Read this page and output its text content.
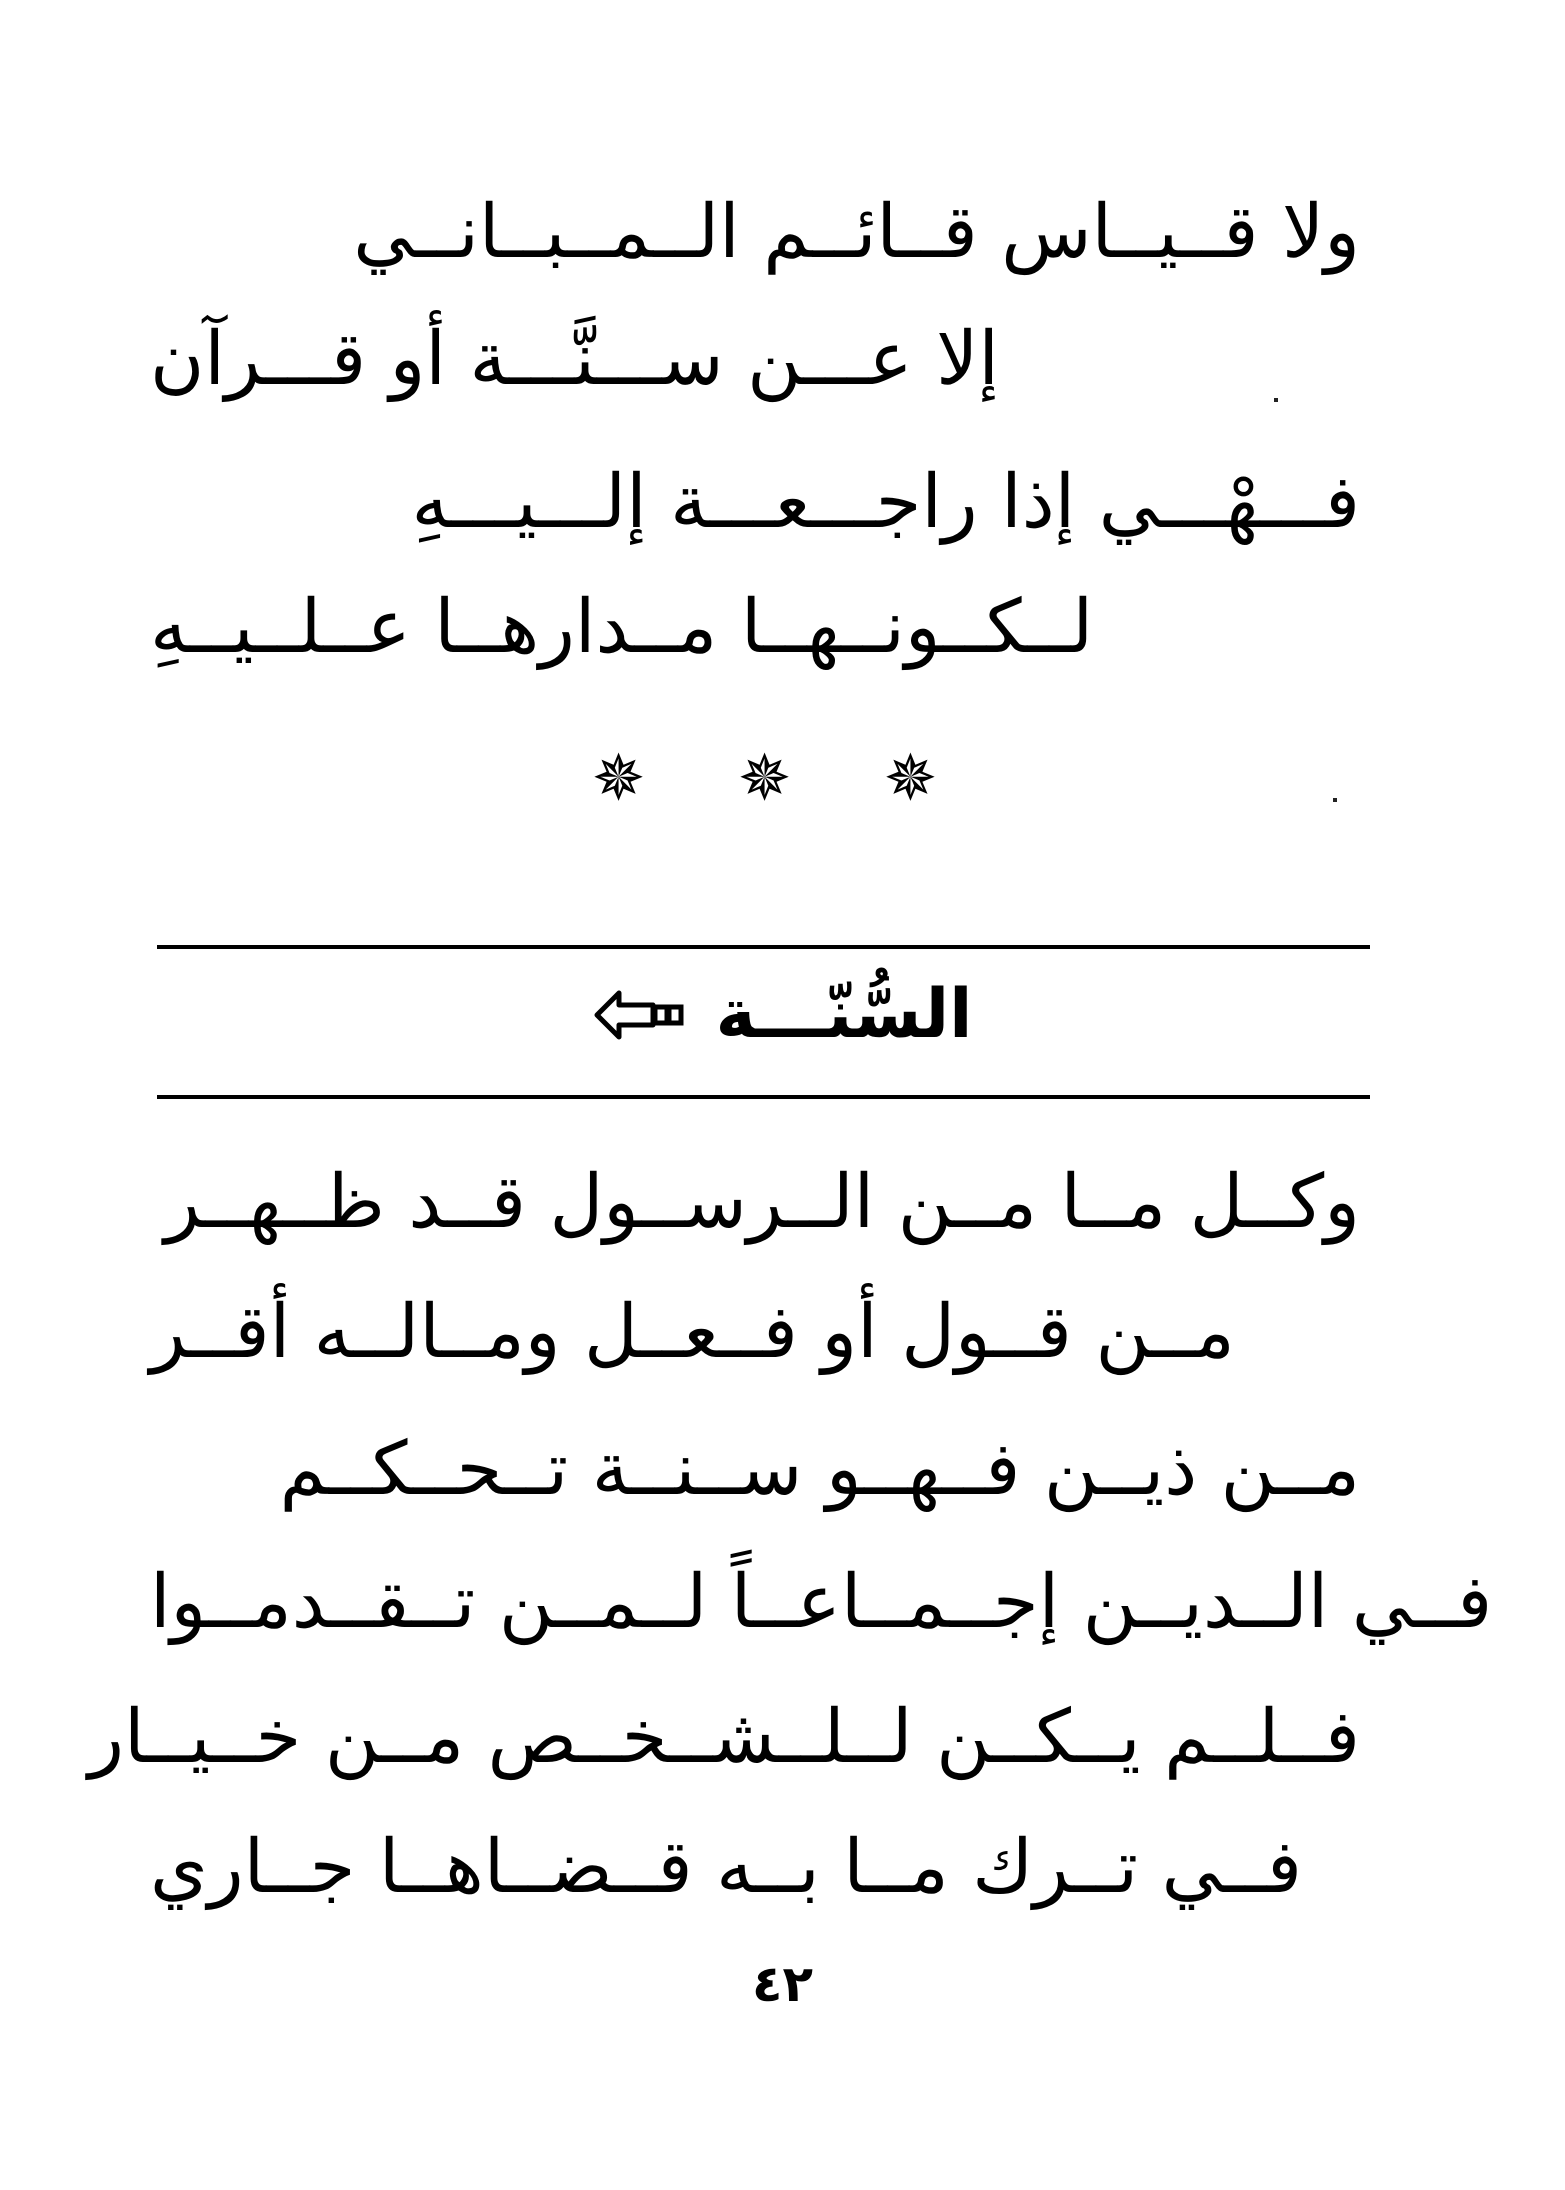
ولا قــيــاس قــائــم الــمــبــانــي
إلا عـــن ســـنَّـــة أو قـــرآن
فـــهْـــي إذا راجـــعـــة إلـــيـــهِ
لــكــونــهــا مــدارهــا عــلــيــهِ
✵ ✵ ✵
السُّنّـــة
وكــل مــا مــن الــرســول قــد ظــهــر
مــن قــول أو فــعــل ومــالــه أقــر
مــن ذيــن فــهــو ســنــة تــحــكــم
فــي الــديــن إجــمــاعــاً لــمــن تــقــدمــوا
فــلــم يــكــن لــلــشــخــص مــن خــيــار
فــي تــرك مــا بــه قــضــاهــا جــاري
٤٢
